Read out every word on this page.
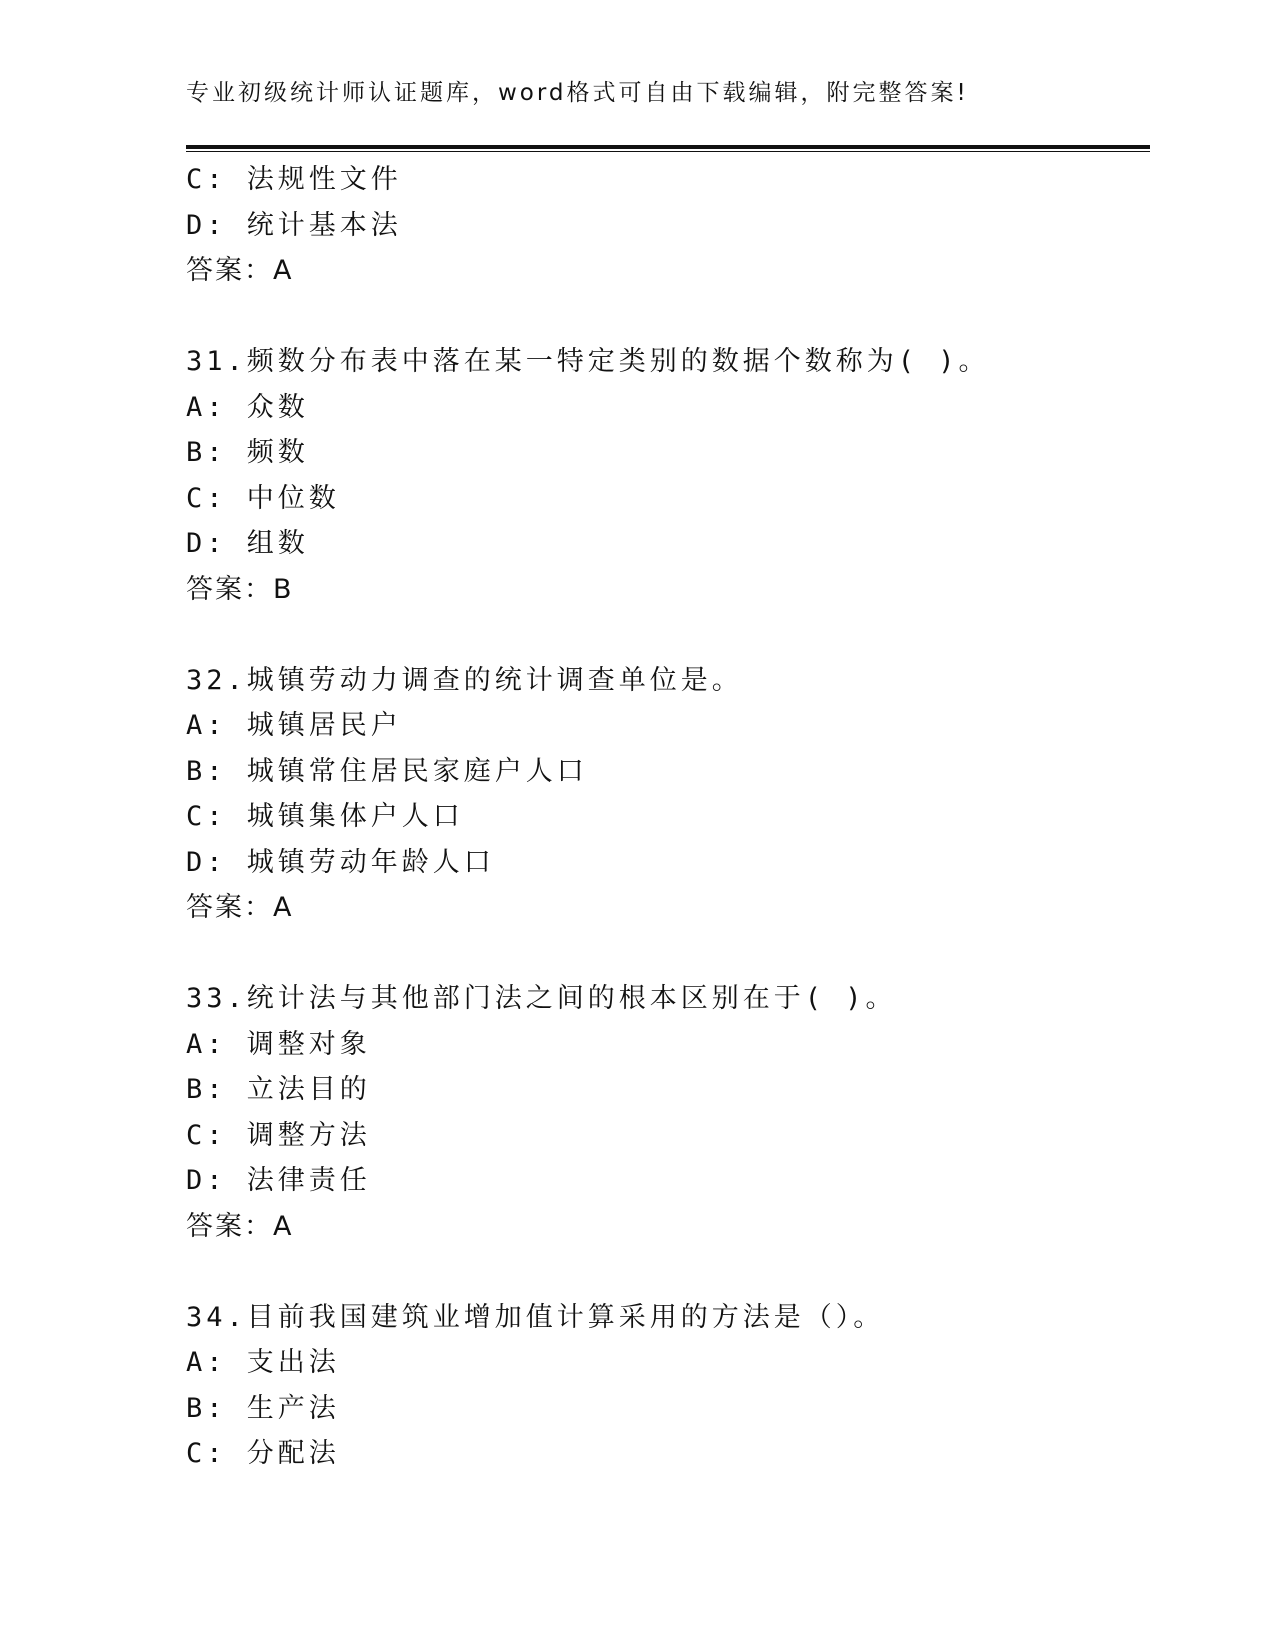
专业初级统计师认证题库，word格式可自由下载编辑，附完整答案!
C: 法规性文件
D: 统计基本法
答案：A
31.频数分布表中落在某一特定类别的数据个数称为( )。
A: 众数
B: 频数
C: 中位数
D: 组数
答案：B
32.城镇劳动力调查的统计调查单位是。
A: 城镇居民户
B: 城镇常住居民家庭户人口
C: 城镇集体户人口
D: 城镇劳动年龄人口
答案：A
33.统计法与其他部门法之间的根本区别在于( )。
A: 调整对象
B: 立法目的
C: 调整方法
D: 法律责任
答案：A
34.目前我国建筑业增加值计算采用的方法是（）。
A: 支出法
B: 生产法
C: 分配法
